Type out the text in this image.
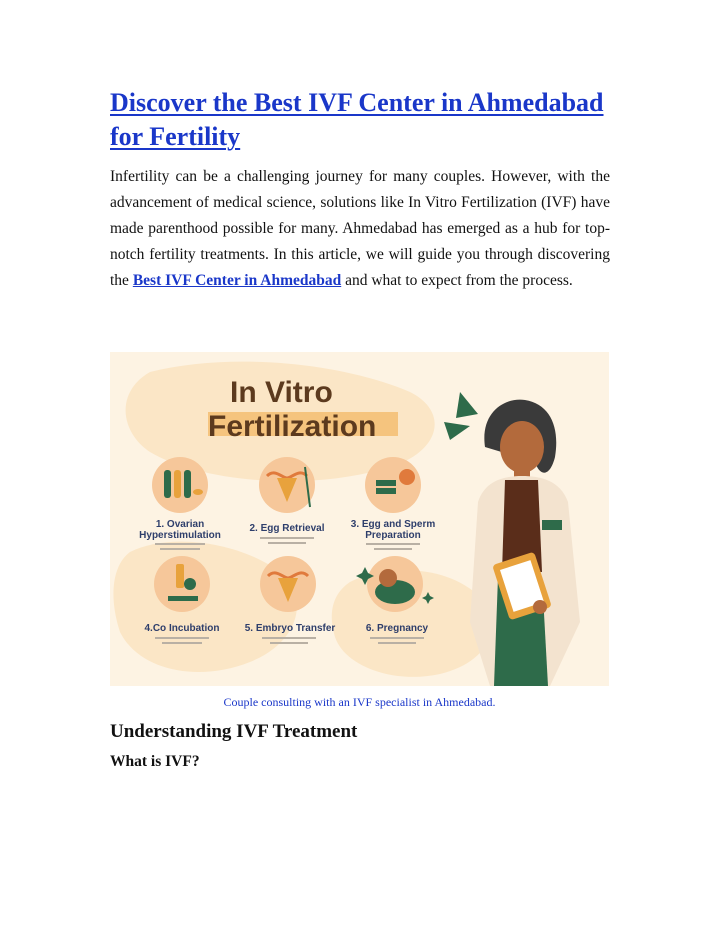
Discover the Best IVF Center in Ahmedabad for Fertility

Infertility can be a challenging journey for many couples. However, with the advancement of medical science, solutions like In Vitro Fertilization (IVF) have made parenthood possible for many. Ahmedabad has emerged as a hub for top-notch fertility treatments. In this article, we will guide you through discovering the Best IVF Center in Ahmedabad and what to expect from the process.

In Vitro
Fertilization
1. Ovarian
Hyperstimulation
2. Egg Retrieval	3. Egg and Sperm
Preparation
4.Co Incubation	5. Embryo Transfer	6. Pregnancy

Couple consulting with an IVF specialist in Ahmedabad.

Understanding IVF Treatment
What is IVF?
